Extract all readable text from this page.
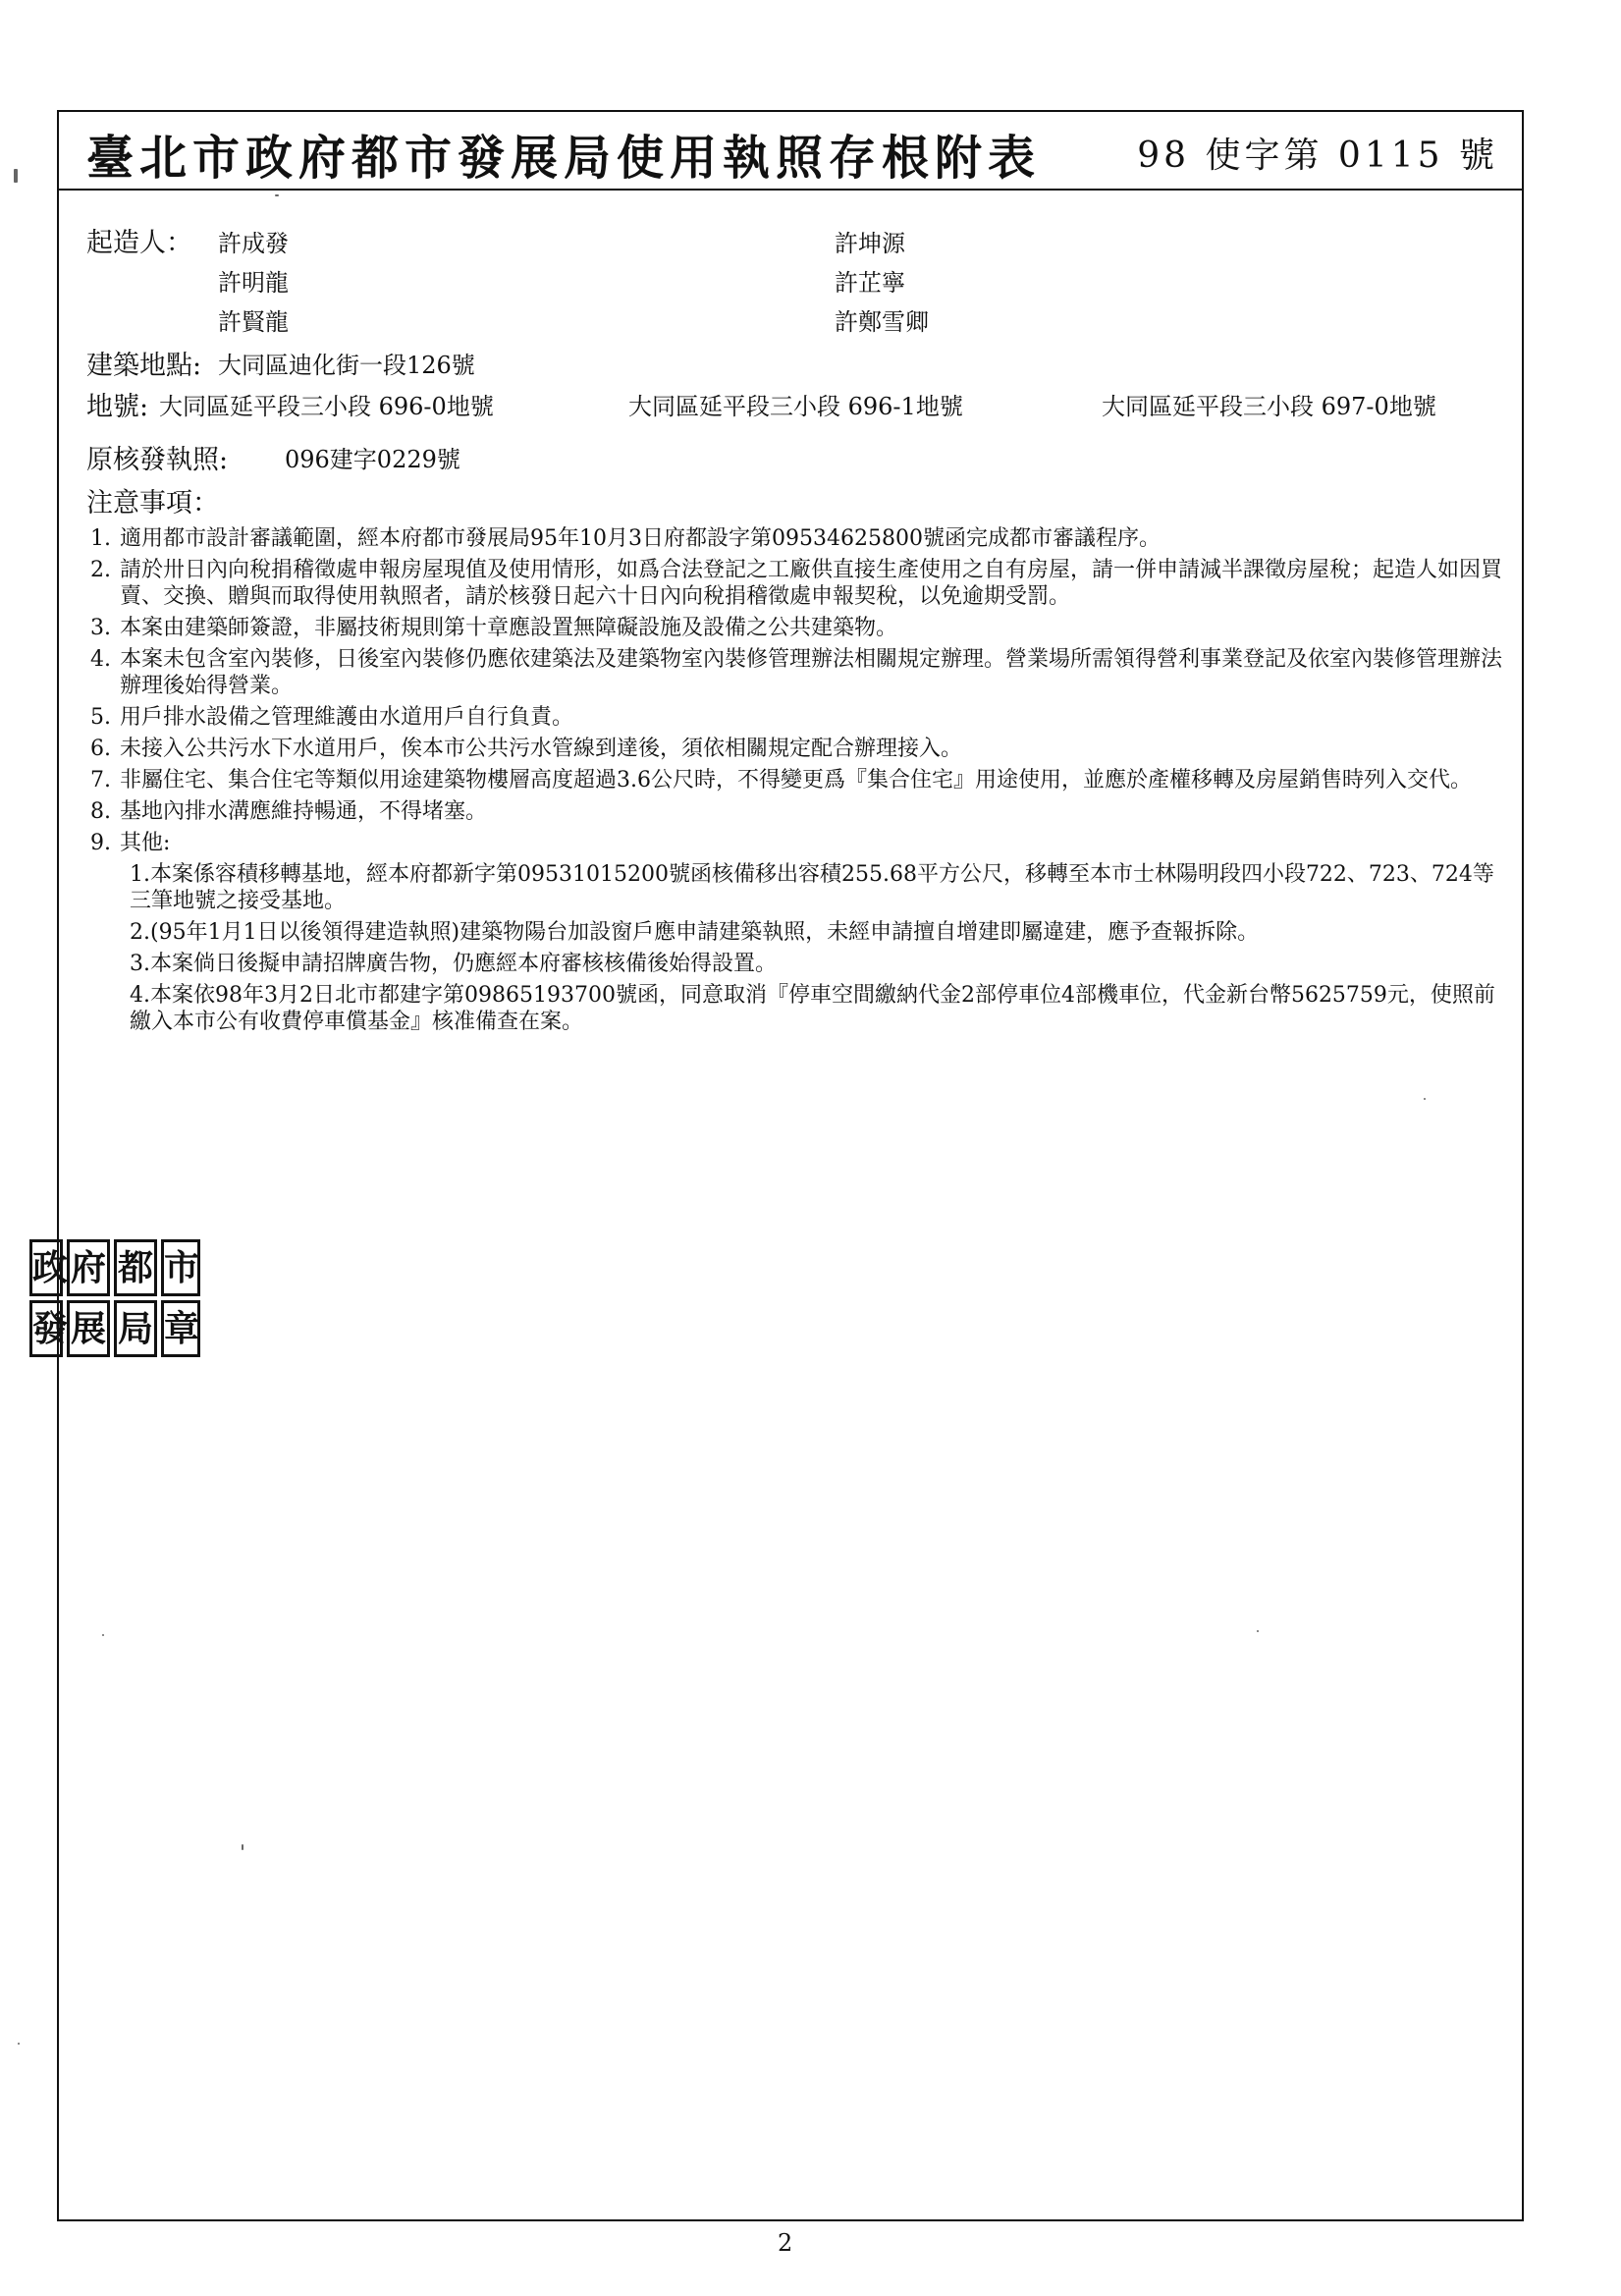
臺北市政府都市發展局使用執照存根附表	98 使字第 0115 號
起造人： 許成發	許坤源
許明龍	許芷寧
許賢龍	許鄭雪卿
建築地點: 大同區迪化街一段126號
地號: 大同區延平段三小段 696-0地號	大同區延平段三小段 696-1地號	大同區延平段三小段 697-0地號
原核發執照: 096建字0229號
注意事項：
1. 適用都市設計審議範圍，經本府都市發展局95年10月3日府都設字第09534625800號函完成都市審議程序。
2. 請於卅日內向稅捐稽徵處申報房屋現值及使用情形，如爲合法登記之工廠供直接生產使用之自有房屋，請一併申請減半課徵房屋稅；起造人如因買賣、交換、贈與而取得使用執照者，請於核發日起六十日內向稅捐稽徵處申報契稅，以免逾期受罰。
3. 本案由建築師簽證，非屬技術規則第十章應設置無障礙設施及設備之公共建築物。
4. 本案未包含室內裝修，日後室內裝修仍應依建築法及建築物室內裝修管理辦法相關規定辦理。營業場所需領得營利事業登記及依室內裝修管理辦法辦理後始得營業。
5. 用戶排水設備之管理維護由水道用戶自行負責。
6. 未接入公共污水下水道用戶，俟本市公共污水管線到達後，須依相關規定配合辦理接入。
7. 非屬住宅、集合住宅等類似用途建築物樓層高度超過3.6公尺時，不得變更爲『集合住宅』用途使用，並應於產權移轉及房屋銷售時列入交代。
8. 基地內排水溝應維持暢通，不得堵塞。
9. 其他:

1.本案係容積移轉基地，經本府都新字第09531015200號函核備移出容積255.68平方公尺，移轉至本市士林陽明段四小段722、723、724等三筆地號之接受基地。

2.(95年1月1日以後領得建造執照)建築物陽台加設窗戶應申請建築執照，未經申請擅自增建即屬違建，應予查報拆除。

3.本案倘日後擬申請招牌廣告物，仍應經本府審核核備後始得設置。

4.本案依98年3月2日北市都建字第09865193700號函，同意取消『停車空間繳納代金2部停車位4部機車位，代金新台幣5625759元，使照前繳入本市公有收費停車償基金』核准備查在案。

政 府 都 市
發 展 局 章
2
